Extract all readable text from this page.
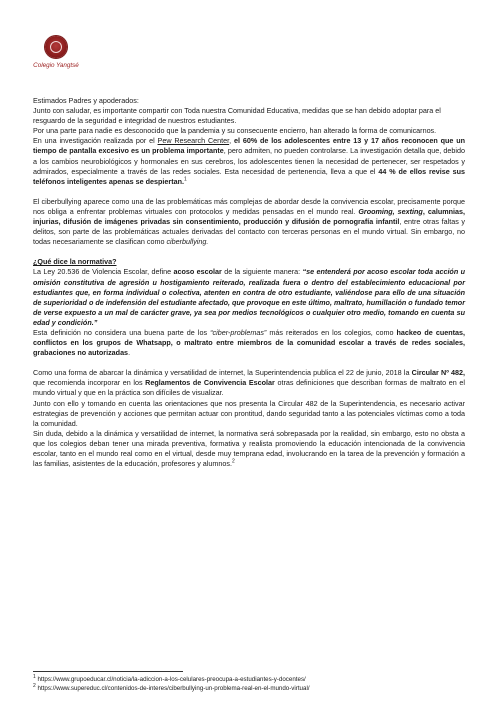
Colegio Yangtsé

Estimados Padres y apoderados:

Junto con saludar, es importante compartir con Toda nuestra Comunidad Educativa, medidas que se han debido adoptar para el resguardo de la seguridad e integridad de nuestros estudiantes.

Por una parte para nadie es desconocido que la pandemia y su consecuente encierro, han alterado la forma de comunicarnos.

En una investigación realizada por el Pew Research Center, el 60% de los adolescentes entre 13 y 17 años reconocen que un tiempo de pantalla excesivo es un problema importante, pero admiten, no pueden controlarse. La investigación detalla que, debido a los cambios neurobiológicos y hormonales en sus cerebros, los adolescentes tienen la necesidad de pertenecer, ser respetados y admirados, especialmente a través de las redes sociales. Esta necesidad de pertenencia, lleva a que el 44 % de ellos revise sus teléfonos inteligentes apenas se despiertan.$^1$

El ciberbullying aparece como una de las problemáticas más complejas de abordar desde la convivencia escolar, precisamente porque nos obliga a enfrentar problemas virtuales con protocolos y medidas pensadas en el mundo real. Grooming, sexting, calumnias, injurias, difusión de imágenes privadas sin consentimiento, producción y difusión de pornografía infantil, entre otras faltas y delitos, son parte de las problemáticas actuales derivadas del contacto con terceras personas en el mundo virtual. Sin embargo, no todas necesariamente se clasifican como ciberbullying.

¿Qué dice la normativa?

La Ley 20.536 de Violencia Escolar, define acoso escolar de la siguiente manera: “se entenderá por acoso escolar toda acción u omisión constitutiva de agresión u hostigamiento reiterado, realizada fuera o dentro del establecimiento educacional por estudiantes que, en forma individual o colectiva, atenten en contra de otro estudiante, valiéndose para ello de una situación de superioridad o de indefensión del estudiante afectado, que provoque en este último, maltrato, humillación o fundado temor de verse expuesto a un mal de carácter grave, ya sea por medios tecnológicos o cualquier otro medio, tomando en cuenta su edad y condición.”

Esta definición no considera una buena parte de los “ciber-problemas” más reiterados en los colegios, como hackeo de cuentas, conflictos en los grupos de Whatsapp, o maltrato entre miembros de la comunidad escolar a través de redes sociales, grabaciones no autorizadas.

Como una forma de abarcar la dinámica y versatilidad de internet, la Superintendencia publica el 22 de junio, 2018 la Circular Nº 482, que recomienda incorporar en los Reglamentos de Convivencia Escolar otras definiciones que describan formas de maltrato en el mundo virtual y que en la práctica son difíciles de visualizar.

Junto con ello y tomando en cuenta las orientaciones que nos presenta la Circular 482 de la Superintendencia, es necesario activar estrategias de prevención y acciones que permitan actuar con prontitud, dando seguridad tanto a las potenciales víctimas como a toda la comunidad.

Sin duda, debido a la dinámica y versatilidad de internet, la normativa será sobrepasada por la realidad, sin embargo, esto no obsta a que los colegios deban tener una mirada preventiva, formativa y realista promoviendo la educación intencionada de la convivencia escolar, tanto en el mundo real como en el virtual, desde muy temprana edad, involucrando en la tarea de la prevención y formación a las familias, asistentes de la educación, profesores y alumnos.$^2$

$^1$ https://www.grupoeducar.cl/noticia/la-adiccion-a-los-celulares-preocupa-a-estudiantes-y-docentes/

$^2$ https://www.supereduc.cl/contenidos-de-interes/ciberbullying-un-problema-real-en-el-mundo-virtual/
